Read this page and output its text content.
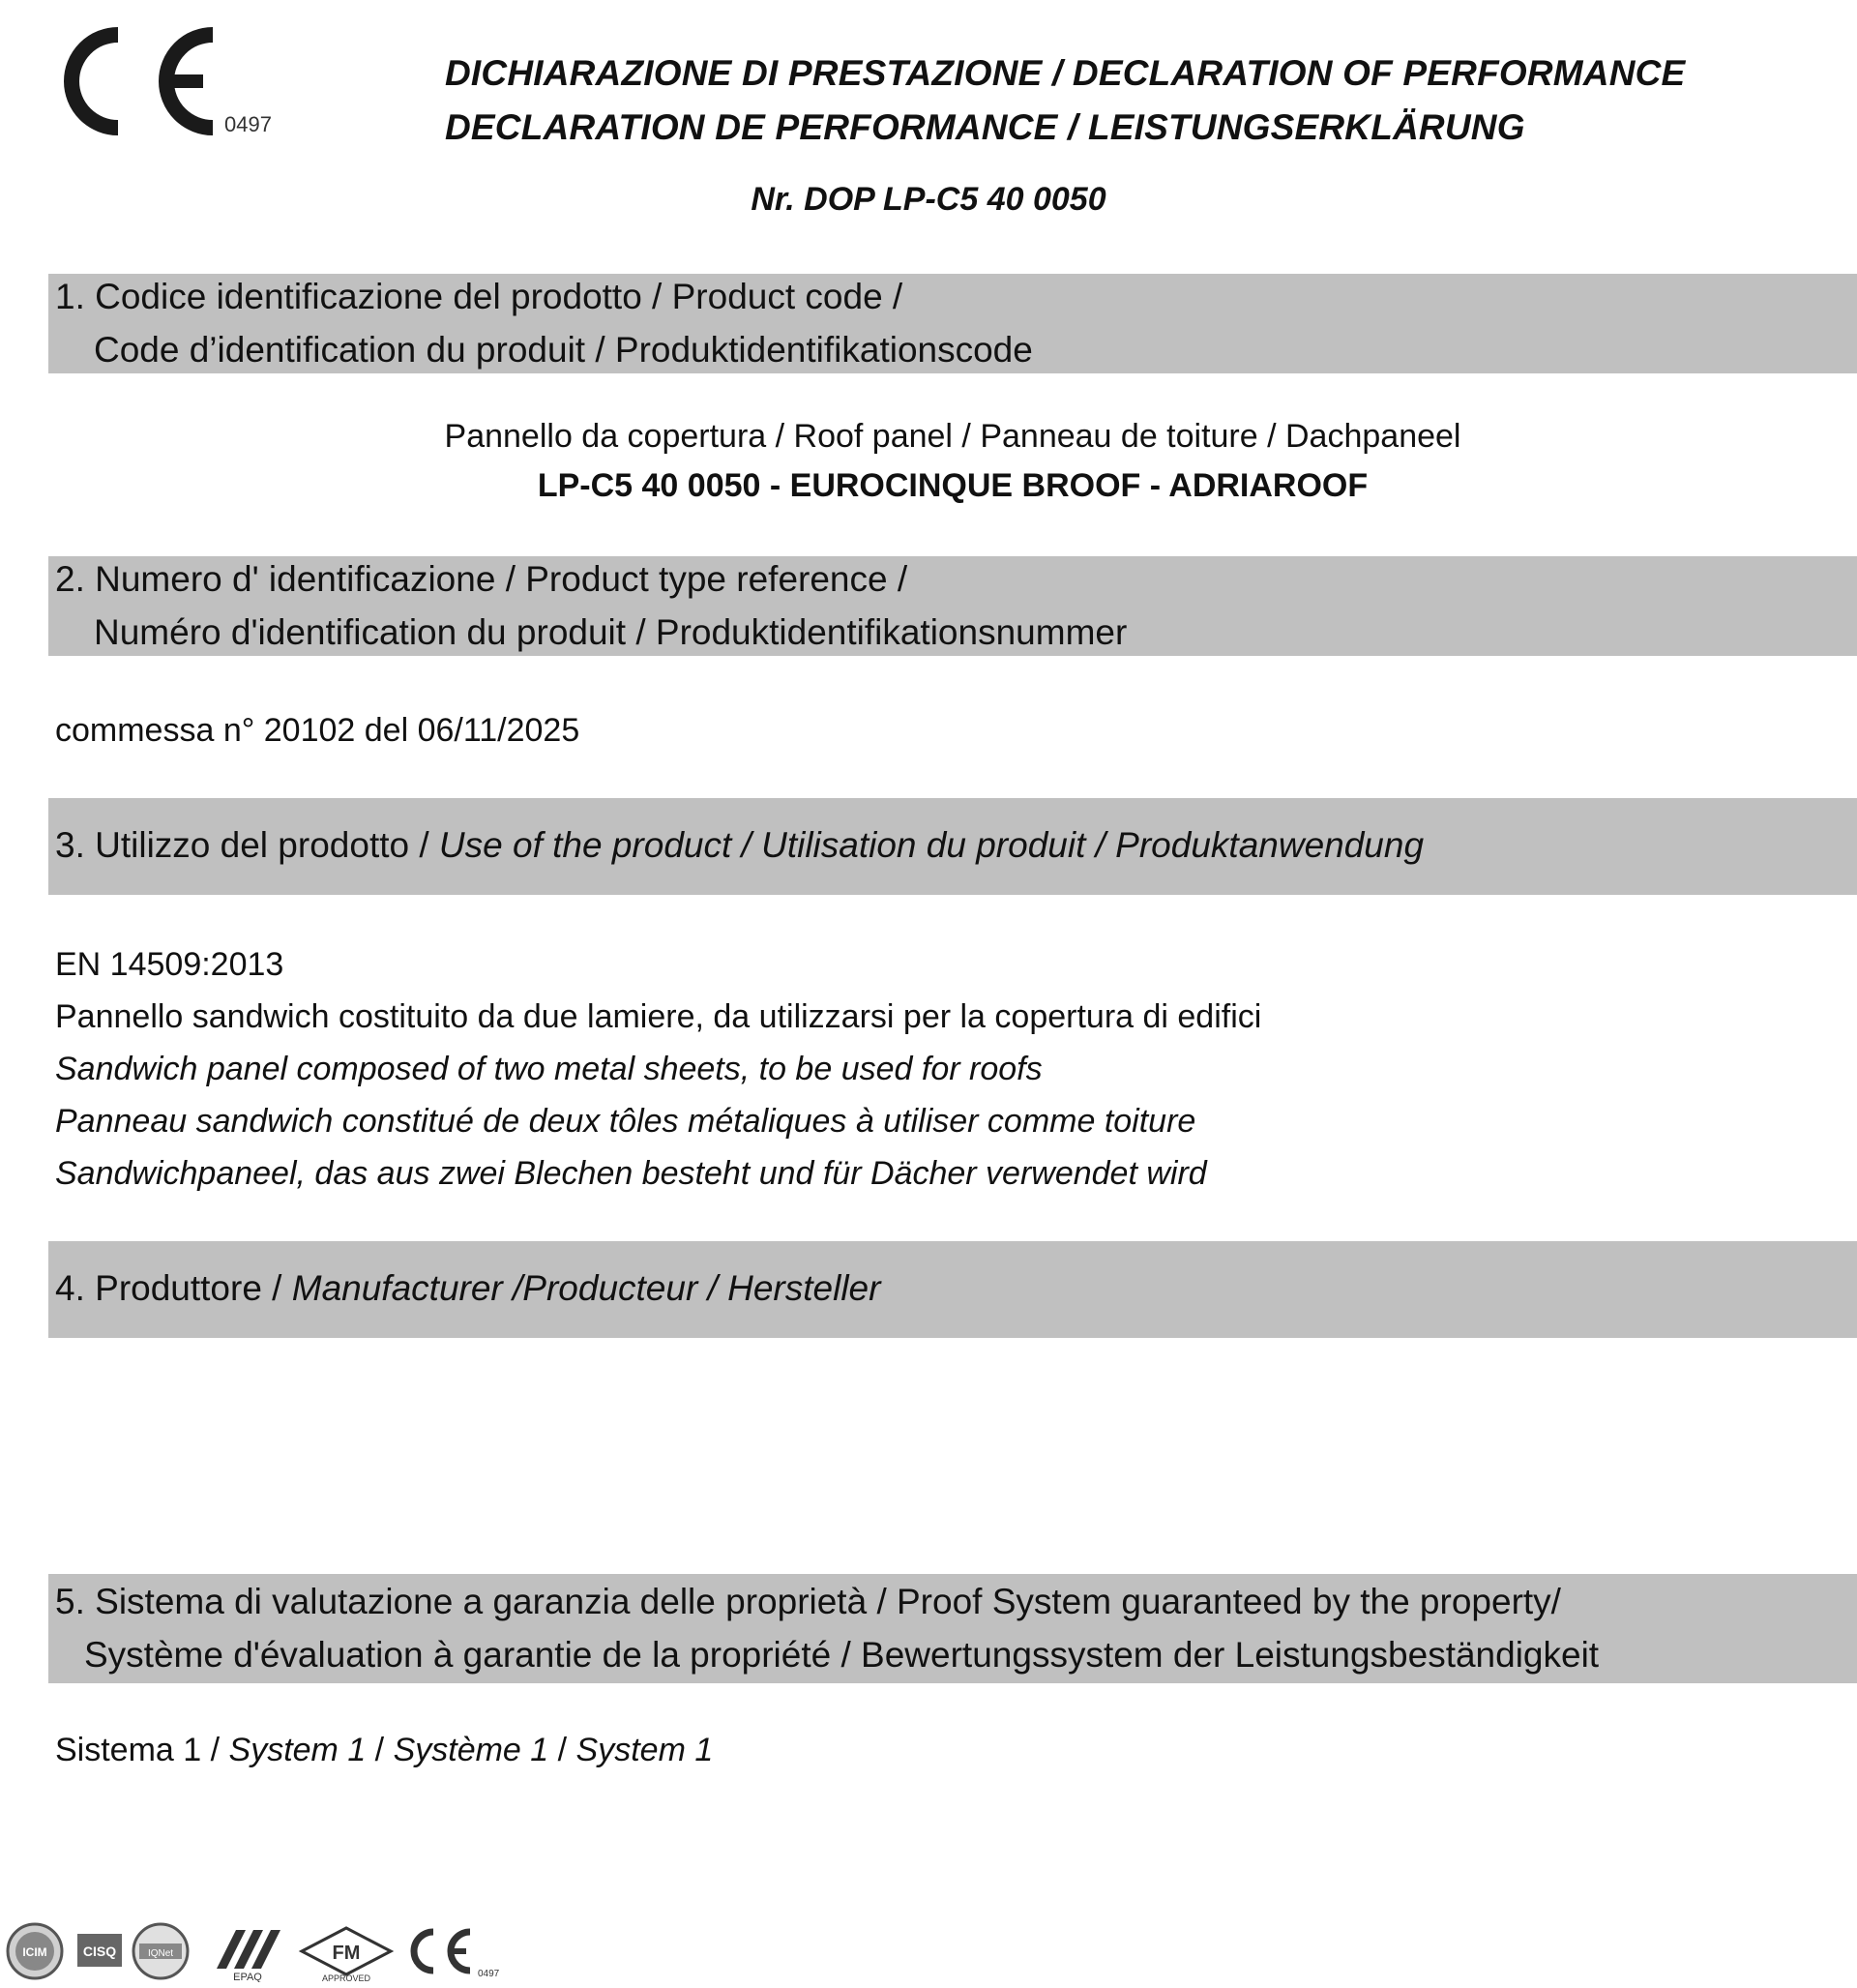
0497
DICHIARAZIONE DI PRESTAZIONE / DECLARATION OF PERFORMANCE
DECLARATION DE PERFORMANCE / LEISTUNGSERKLÄRUNG
Nr. DOP LP-C5 40 0050
1. Codice identificazione del prodotto / Product code /
Code d’identification du produit / Produktidentifikationscode
Pannello da copertura / Roof panel / Panneau de toiture / Dachpaneel
LP-C5 40 0050 - EUROCINQUE BROOF - ADRIAROOF
2. Numero d' identificazione / Product type reference /
Numéro d'identification du produit / Produktidentifikationsnummer
commessa n° 20102 del 06/11/2025
3. Utilizzo del prodotto / Use of the product / Utilisation du produit / Produktanwendung
EN 14509:2013
Pannello sandwich costituito da due lamiere, da utilizzarsi per la copertura di edifici
Sandwich panel composed of two metal sheets, to be used for roofs
Panneau sandwich constitué de deux tôles métaliques à utiliser comme toiture
Sandwichpaneel, das aus zwei Blechen besteht und für Dächer verwendet wird
4. Produttore / Manufacturer /Producteur / Hersteller
5. Sistema di valutazione a garanzia delle proprietà / Proof System guaranteed by the property/
Système d'évaluation à garantie de la propriété / Bewertungssystem der Leistungsbeständigkeit
Sistema 1 / System 1 / Système 1 / System 1
ICIM	CISQ	IQNet
EPAQ
FM
APPROVED	0497
